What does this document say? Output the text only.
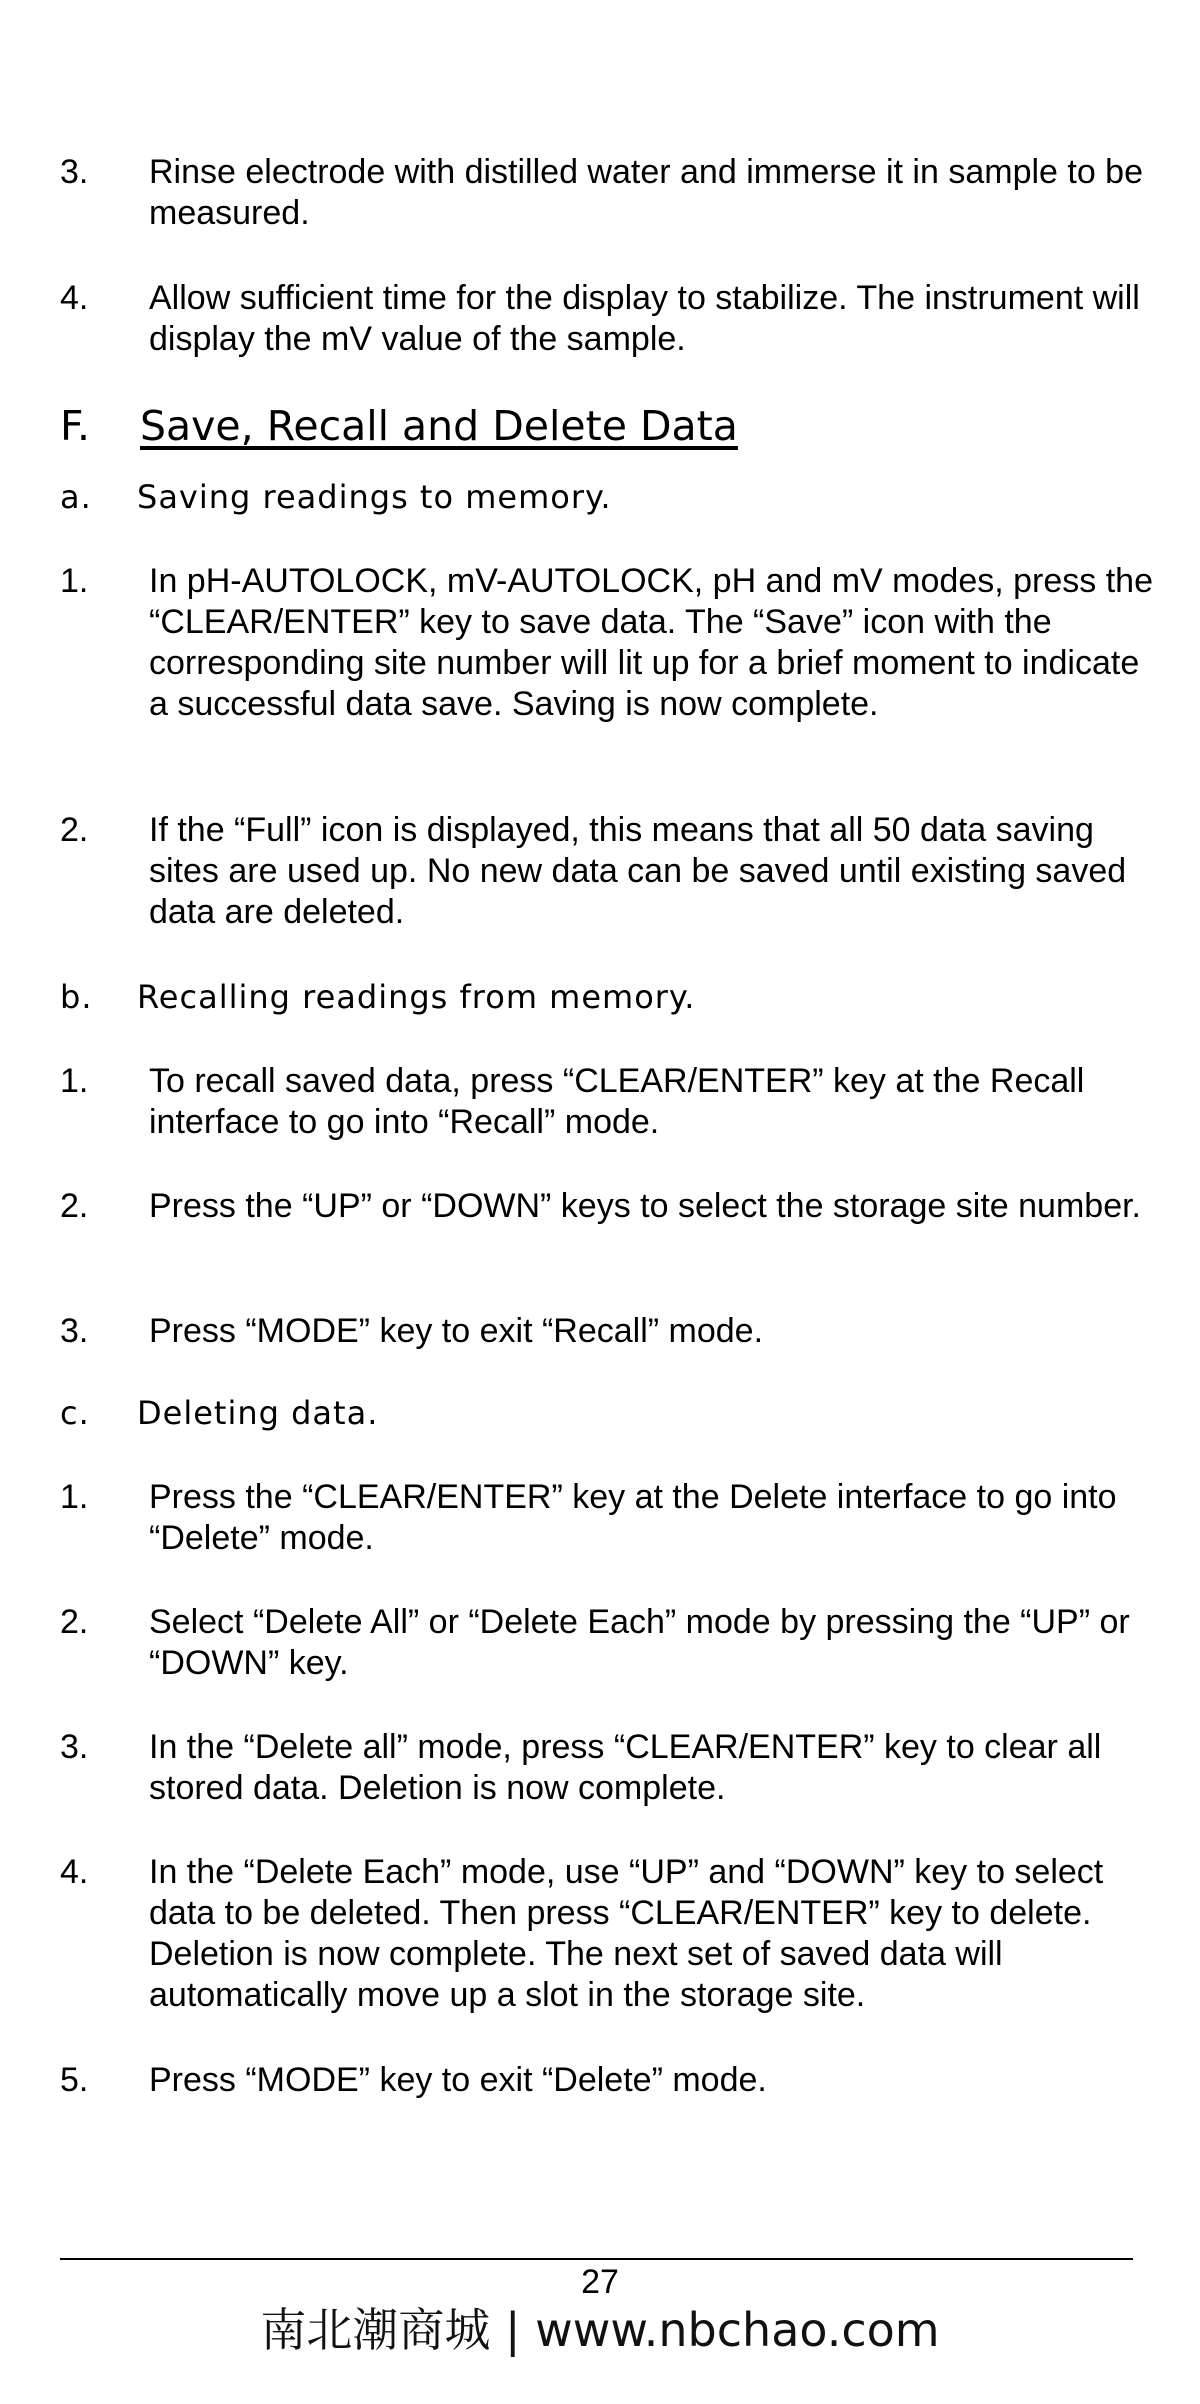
3.	Rinse electrode with distilled water and immerse it in sample to be measured.
4.	Allow sufficient time for the display to stabilize. The instrument will display the mV value of the sample.
F. Save, Recall and Delete Data
a. Saving readings to memory.
1.	In pH-AUTOLOCK, mV-AUTOLOCK, pH and mV modes, press the “CLEAR/ENTER” key to save data. The “Save” icon with the corresponding site number will lit up for a brief moment to indicate a successful data save. Saving is now complete.
2.	If the “Full” icon is displayed, this means that all 50 data saving sites are used up. No new data can be saved until existing saved data are deleted.
b. Recalling readings from memory.
1.	To recall saved data, press “CLEAR/ENTER” key at the Recall interface to go into “Recall” mode.
2.	Press the “UP” or “DOWN” keys to select the storage site number.
3.	Press “MODE” key to exit “Recall” mode.
c. Deleting data.
1.	Press the “CLEAR/ENTER” key at the Delete interface to go into “Delete” mode.
2.	Select “Delete All” or “Delete Each” mode by pressing the “UP” or “DOWN” key.
3.	In the “Delete all” mode, press “CLEAR/ENTER” key to clear all stored data. Deletion is now complete.
4.	In the “Delete Each” mode, use “UP” and “DOWN” key to select data to be deleted. Then press “CLEAR/ENTER” key to delete. Deletion is now complete. The next set of saved data will automatically move up a slot in the storage site.
5.	Press “MODE” key to exit “Delete” mode.
27
南北潮商城 | www.nbchao.com
